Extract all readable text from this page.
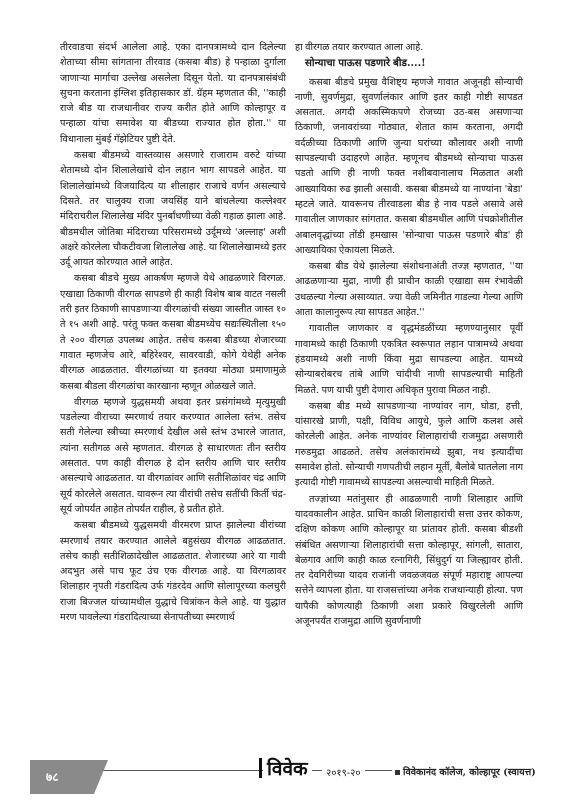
तीरवाडचा संदर्भ आलेला आहे. एका दानपत्रामध्ये दान दिलेल्या शेताच्या सीमा सांगताना तीरवाड (कसबा बीड) हे पन्हाळा दुर्गाला जाणाऱ्या मार्गाचा उल्लेख असलेला दिसून येतो. या दानपत्रासंबंधी सुचना करताना इंग्लिश इतिहासकार डॉ. ग्रॅहम म्हणतात की, ''काही राजे बीड या राजधानीवर राज्य करीत होते आणि कोल्हापूर व पन्हाळा यांचा समावेश या बीडच्या राज्यात होत होता.'' या विधानाला मुंबई गॅझेटियर पुष्टी देते.

कसबा बीडमध्ये वास्तव्यास असणारे राजाराम वरुटे यांच्या शेतामध्ये दोन शिलालेखांचे दोन लहान भाग सापडले आहेत. या शिलालेखांमध्ये विजयादित्य या शीलाहार राजाचे वर्णन असल्याचे दिसते. तर चालुक्य राजा जयसिंह याने बांधलेल्या कल्लेश्वर मंदिराचरील शिलालेख मंदिर पुनर्बांधणीच्या वेळी गहाळ झाला आहे. बीडमधील जोतिबा मंदिराच्या परिसरामध्ये उर्दूमध्ये 'अल्लाह' अशी अक्षरे कोरलेला चौकटीवजा शिलालेख आहे. या शिलालेखामध्ये इतर उर्दू आयत कोरण्यात आले आहेत.

कसबा बीडचे मुख्य आकर्षण म्हणजे येथे आढळणारे विरगळ. एखाद्या ठिकाणी वीरगळ सापडणे ही काही विशेष बाब वाटत नसली तरी इतर ठिकाणी सापडणाऱ्या वीरगळांची संख्या जास्तीत जास्त १० ते १५ अशी आहे. परंतु फक्त कसबा बीडमध्येच सद्यःस्थितीला १५० ते २०० वीरगळ उपलब्ध आहेत. तसेच कसबा बीडच्या शेजारच्या गावात म्हणजेच आरे, बहिरेश्वर, सावरवाडी, कोगे येथेही अनेक वीरगळ आढळतात. वीरगळांच्या या इतक्या मोठ्या प्रमाणामुळे कसबा बीडला वीरगळांचा कारखाना म्हणून ओळखले जाते.

वीरगळ म्हणजे युद्धसमयी अथवा इतर प्रसंगांमध्ये मृत्युमुखी पडलेल्या वीराच्या स्मरणार्थ तयार करण्यात आलेला स्तंभ. तसेच सती गेलेल्या स्त्रीच्या स्मरणार्थ देखील असे स्तंभ उभारले जातात, त्यांना सतीगळ असे म्हणतात. वीरगळ हे साधारणतः तीन स्तरीय असतात. पण काही वीरगळ हे दोन स्तरीय आणि चार स्तरीय असल्याचे आढळतात. या वीरगळांवर आणि सतीशिळांवर चंद्र आणि सूर्य कोरलेले असतात. यावरून त्या वीरांची तसेच सतींची किर्ती चंद्र-सूर्य जोपर्यंत आहेत तोपर्यंत राहील, हे प्रतीत होते.

कसबा बीडमध्ये युद्धसमयी वीरमरण प्राप्त झालेल्या वीरांच्या स्मरणार्थ तयार करण्यात आलेले बहुसंख्य वीरगळ आढळतात. तसेच काही सतीशिळादेखील आढळतात. शेजारच्या आरे या गावी अदभुत असे पाच फूट उंच एक वीरगळ आहे. या विरगळावर शिलाहार नृपती गंडरादित्य उर्फ गंडरदेव आणि सोलापूरच्या कलचुरी राजा बिज्जल यांच्यामधील युद्धाचे चित्रांकन केले आहे. या युद्धात मरण पावलेल्या गंडरादित्याच्या सेनापतीच्या स्मरणार्थ

हा वीरगळ तयार करण्यात आला आहे.

सोन्याचा पाऊस पडणारे बीड....!

कसबा बीडचे प्रमुख वैशिष्ट्य म्हणजे गावात अजूनही सोन्याची नाणी, सुवर्णमुद्रा, सुवर्णालंकार आणि इतर काही गोष्टी सापडत असतात. अगदी अकस्मिकपणे रोजच्या उठ-बस असणाऱ्या ठिकाणी, जनावरांच्या गोठ्यात, शेतात काम करताना, अगदी वर्दळीच्या ठिकाणी आणि जुन्या घरांच्या कौलावर अशी नाणी सापडल्याची उदाहरणे आहेत. म्हणूनच बीडमध्ये सोन्याचा पाऊस पडतो आणि ही नाणी फक्त नशीबवानालाच मिळतात अशी आख्यायिका रुढ झाली असावी. कसबा बीडमध्ये या नाण्यांना 'बेडा' म्हटले जाते. यावरूनच तीरवाडला बीड हे नाव पडले असावे असे गावातील जाणकार सांगतात. कसबा बीडमधील आणि पंचक्रोशीतील अबालवृद्धांच्या तोंडी हमखास 'सोन्याचा पाऊस पडणारे बीड' ही आख्यायिका ऐकायला मिळते.

कसबा बीड येथे झालेल्या संशोधनाअंती तज्ज्ञ म्हणतात, ''या आढळणाऱ्या मुद्रा, नाणी ही प्राचीन काळी एखाद्या सम रंभावेळी उधळल्या गेल्या असाव्यात. ज्या वेळी जमिनीत गाडल्या गेल्या आणि आता कालानुरूप त्या सापडत आहेत.''

गावातील जाणकार व वृद्धमंडळींच्या म्हणण्यानुसार पूर्वी गावामध्ये काही ठिकाणी एकत्रित स्वरूपात लहान पात्रामध्ये अथवा हंडयामध्ये अशी नाणी किंवा मुद्रा सापडल्या आहेत. यामध्ये सोन्याबरोबरच तांबे आणि चांदीची नाणी सापडल्याची माहिती मिळते. पण याची पुष्टी देणारा अधिकृत पुरावा मिळत नाही.

कसबा बीड मध्ये सापडणाऱ्या नाण्यांवर नाग, घोडा, हत्ती, यांसारखे प्राणी, पक्षी, विविध आयुधे, फुले आणि कलश असे कोरलेली आहेत. अनेक नाण्यांवर शिलाहारांची राजमुद्रा असणारी गरुडमुद्रा आढळते. तसेच अलंकारांमध्ये झुबा, नथ इत्यादींचा समावेश होतो. सोन्याची गणपतीची लहान मूर्ती, बैलोबे घातलेला नाग इत्यादी गोष्टी गावामध्ये सापडल्या असल्याची माहिती मिळते.

तज्ज्ञांच्या मतांनुसार ही आढळणारी नाणी शिलाहार आणि यादवकालीन आहेत. प्राचिन काळी शिलाहारांची सत्ता उत्तर कोकण, दक्षिण कोकण आणि कोल्हापूर या प्रांतावर होती. कसबा बीडशी संबंधित असणाऱ्या शिलाहारांची सत्ता कोल्हापूर, सांगली, सातारा, बेळगाव आणि काही काळ रत्नागिरी, सिंधुदुर्ग या जिल्ह्यावर होती. तर देवगिरीच्या यादव राजांनी जवळजवळ संपूर्ण महाराष्ट्र आपल्या सत्तेने व्यापला होता. या राजसत्तांच्या अनेक राजधान्याही होत्या. पण यापैकी कोणत्याही ठिकाणी अशा प्रकारे विखुरलेली आणि अजूनपर्यंत राजमुद्रा आणि सुवर्णनाणी

७८	विवेक	२०१९-२०	विवेकानंद कॉलेज, कोल्हापूर (स्वायत्त)
